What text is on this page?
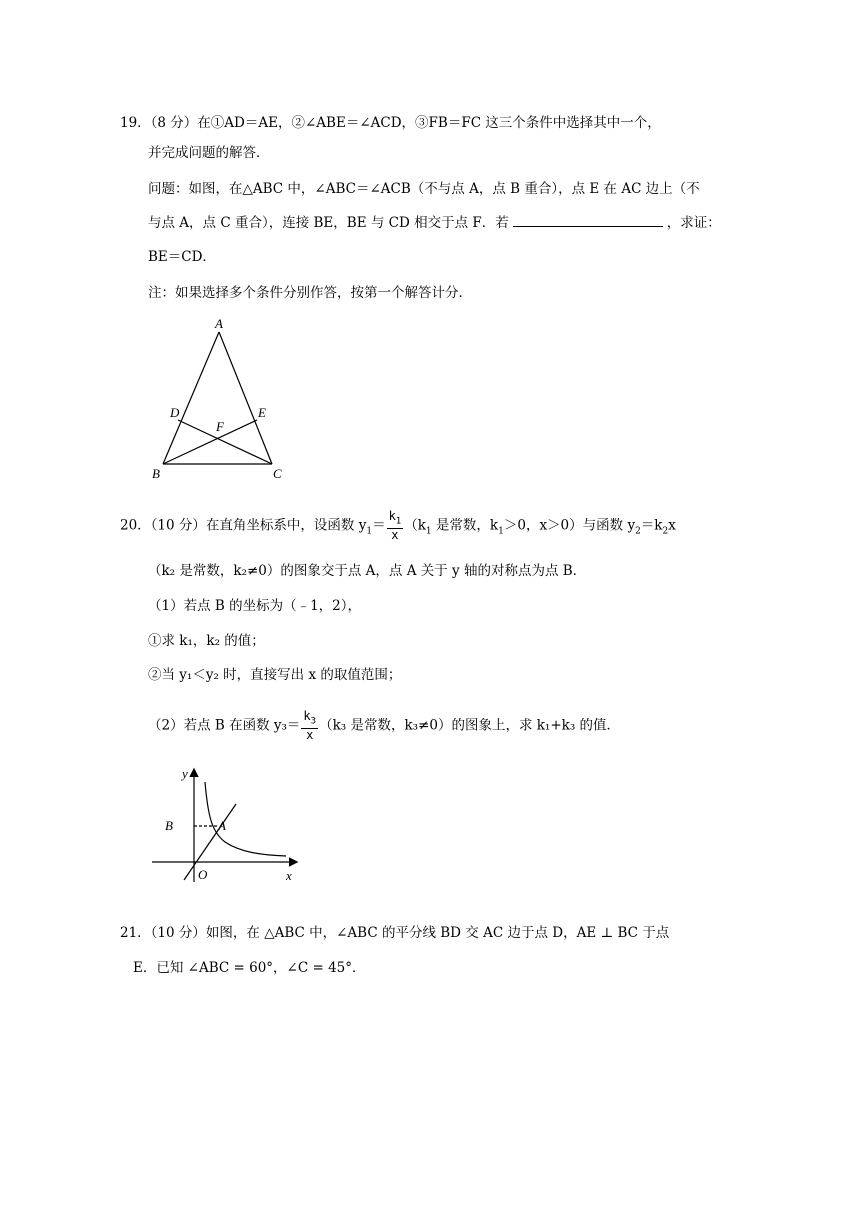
19．（8 分）在①AD＝AE，②∠ABE＝∠ACD，③FB＝FC 这三个条件中选择其中一个，
并完成问题的解答．
问题：如图，在△ABC 中，∠ABC＝∠ACB（不与点 A，点 B 重合），点 E 在 AC 边上（不
与点 A，点 C 重合），连接 BE，BE 与 CD 相交于点 F．若	，求证：
BE＝CD．
注：如果选择多个条件分别作答，按第一个解答计分．
A
B	C
D	E
F
20．（10 分）在直角坐标系中，设函数 $y_1= \frac{k_1}{x} (k_1$ 是常数，$k_1>0$，x＞0）与函数 $y_2=k_2x$
（k₂ 是常数，k₂≠0）的图象交于点 A，点 A 关于 y 轴的对称点为点 B．
（1）若点 B 的坐标为（﹣1，2），
①求 k₁，k₂ 的值；
②当 y₁＜y₂ 时，直接写出 x 的取值范围；
（2）若点 B 在函数 $y_3= \frac{k_3}{x} (k_3$ 是常数，k₃≠0）的图象上，求 k₁+k₃ 的值．
y
x
O
A
B
21．（10 分）如图，在 △ABC 中，∠ABC 的平分线 BD 交 AC 边于点 D，AE ⊥ BC 于点
E．已知 ∠ABC = 60°，∠C = 45°．
